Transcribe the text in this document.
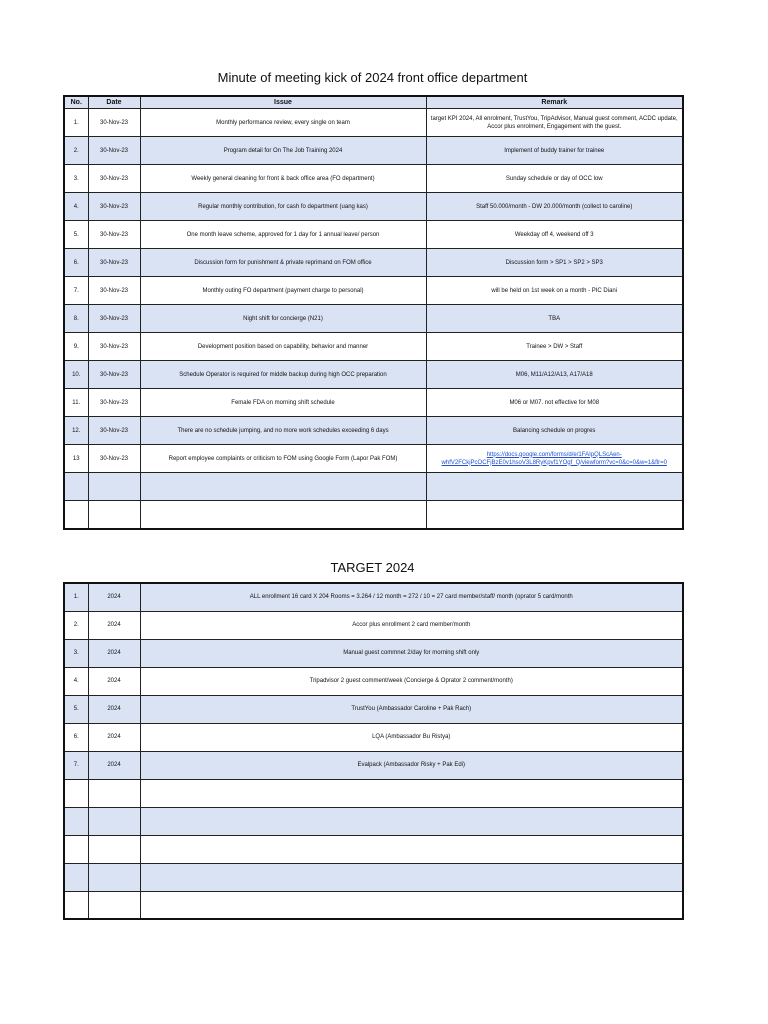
Minute of meeting kick of 2024 front office department
No.	Date	Issue	Remark
1.	30-Nov-23	Monthly performance review, every single on team	target KPI 2024, All enrolment, TrustYou, TripAdvisor, Manual guest comment, ACDC update, Accor plus enrolment, Engagement with the guest.
2.	30-Nov-23	Program detail for On The Job Training 2024	Implement of buddy trainer for trainee
3.	30-Nov-23	Weekly general cleaning for front & back office area (FO department)	Sunday schedule or day of OCC low
4.	30-Nov-23	Regular monthly contribution, for cash fo department (uang kas)	Staff 50.000/month - DW 20.000/month (collect to caroline)
5.	30-Nov-23	One month leave scheme, approved for 1 day for 1 annual leave/ person	Weekday off 4, weekend off 3
6.	30-Nov-23	Discussion form for punishment & private reprimand on FOM office	Discussion form > SP1 > SP2 > SP3
7.	30-Nov-23	Monthly outing FO department (payment charge to personal)	will be held on 1st week on a month - PIC Diani
8.	30-Nov-23	Night shift for concierge (N21)	TBA
9.	30-Nov-23	Development position based on capability, behavior and manner	Trainee > DW > Staff
10.	30-Nov-23	Schedule Operator is required for middle backup during high OCC preparation	M06, M11/A12/A13, A17/A18
11.	30-Nov-23	Female FDA on morning shift schedule	M06 or M07. not effective for M08
12.	30-Nov-23	There are no schedule jumping, and no more work schedules exceeding 6 days	Balancing schedule on progres
13	30-Nov-23	Report employee complaints or criticism to FOM using Google Form (Lapor Pak FOM)	https://docs.google.com/forms/d/e/1FAIpQLScAen-whfV2FCkjPcOCFjBzE0v1hsoV3L8RyKpvf1YOgf_Q/viewform?vc=0&c=0&w=1&flr=0

TARGET 2024
1.	2024	ALL enrollment 16 card X 204 Rooms = 3.264 / 12 month = 272 / 10 = 27 card member/staff/ month (oprator 5 card/month
2.	2024	Accor plus enrollment 2 card member/month
3.	2024	Manual guest commnet 2/day for morning shift only
4.	2024	Tripadvisor 2 guest comment/week (Concierge & Oprator 2 comment/month)
5.	2024	TrustYou (Ambassador Caroline + Pak Rach)
6.	2024	LQA (Ambassador Bu Ristya)
7.	2024	Evalpack (Ambassador Risky + Pak Edi)
